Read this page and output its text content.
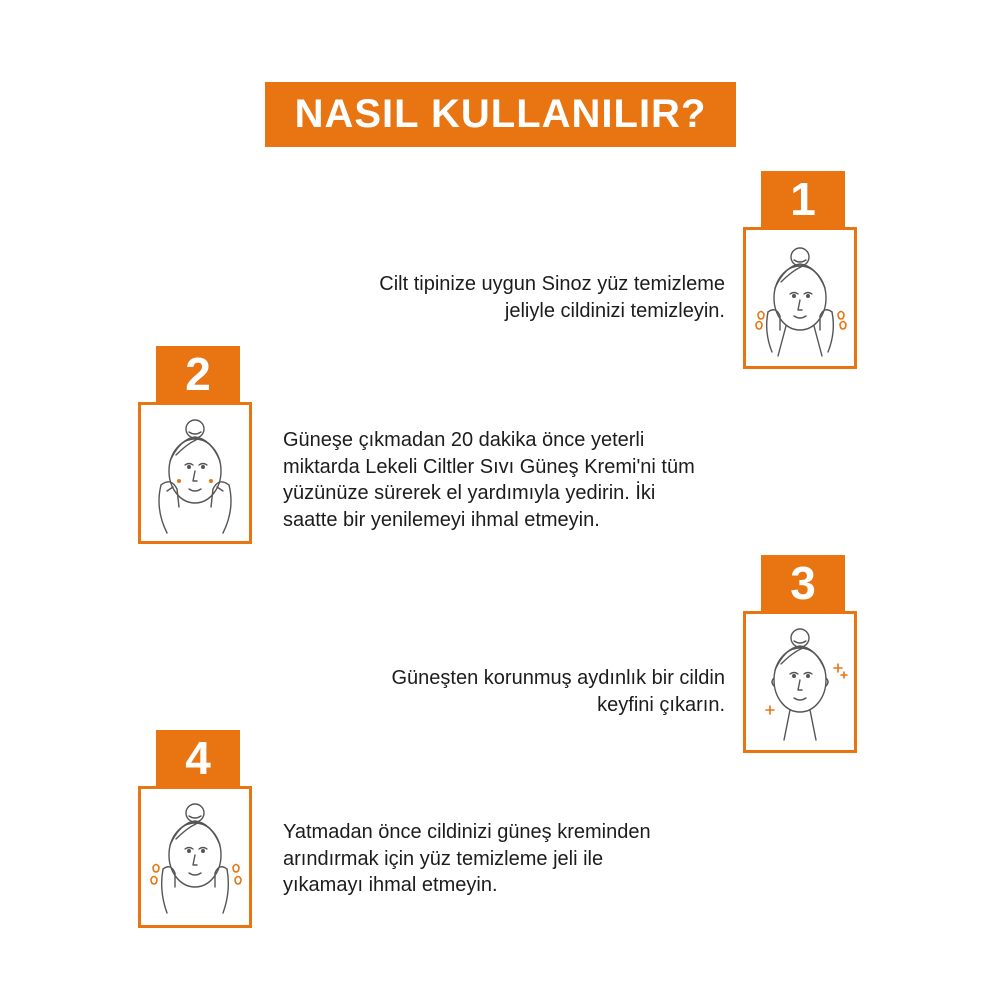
NASIL KULLANILIR?
1

Cilt tipinize uygun Sinoz yüz temizleme

jeliyle cildinizi temizleyin.

2

Güneşe çıkmadan 20 dakika önce yeterli

miktarda Lekeli Ciltler Sıvı Güneş Kremi'ni tüm

yüzünüze sürerek el yardımıyla yedirin. İki

saatte bir yenilemeyi ihmal etmeyin.

3

Güneşten korunmuş aydınlık bir cildin

keyfini çıkarın.

4

Yatmadan önce cildinizi güneş kreminden

arındırmak için yüz temizleme jeli ile

yıkamayı ihmal etmeyin.
